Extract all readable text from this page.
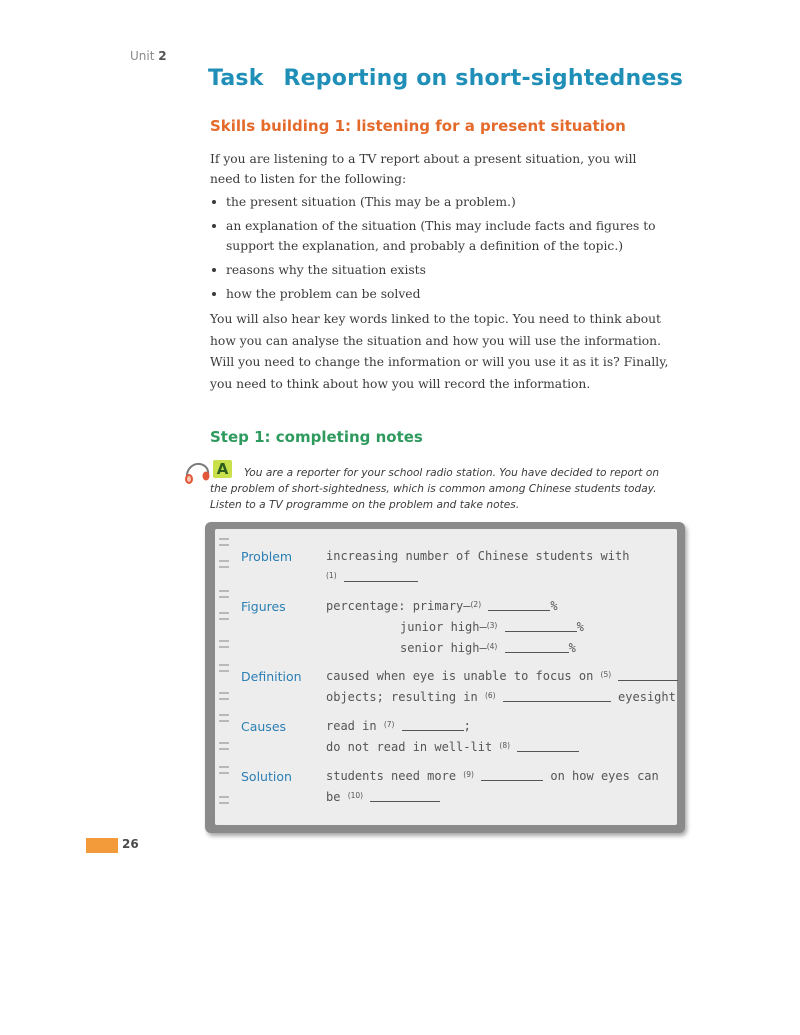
Unit 2
Task Reporting on short-sightedness
Skills building 1: listening for a present situation

If you are listening to a TV report about a present situation, you will need to listen for the following:

the present situation (This may be a problem.)
an explanation of the situation (This may include facts and figures to support the explanation, and probably a definition of the topic.)
reasons why the situation exists
how the problem can be solved

You will also hear key words linked to the topic. You need to think about how you can analyse the situation and how you will use the information. Will you need to change the information or will you use it as it is? Finally, you need to think about how you will record the information.

Step 1: completing notes
A	You are a reporter for your school radio station. You have decided to report on the problem of short-sightedness, which is common among Chinese students today. Listen to a TV programme on the problem and take notes.

Problem	increasing number of Chinese students with
$^{(1)}$
Figures	percentage: primary—$^{(2)}$	%
junior high—$^{(3)}$	%
senior high—$^{(4)}$	%
Definition caused when eye is unable to focus on $^{(5)}$
objects; resulting in $^{(6)}$	eyesight
Causes	read in $^{(7)}$	;
do not read in well-lit $^{(8)}$
Solution	students need more $^{(9)}$	on how eyes can
be $^{(10)}$
26
